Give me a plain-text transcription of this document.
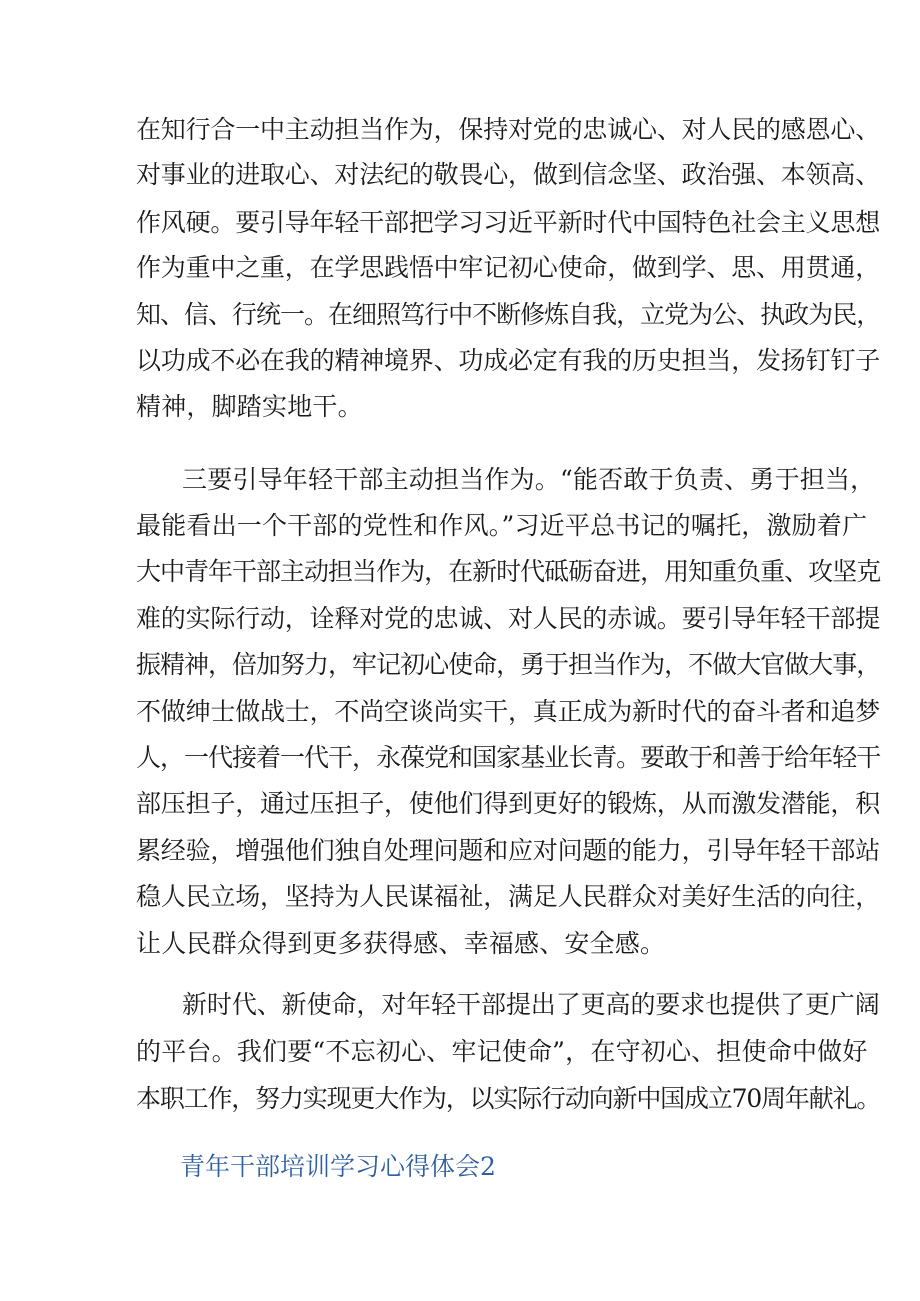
在知行合一中主动担当作为，保持对党的忠诚心、对人民的感恩心、
对事业的进取心、对法纪的敬畏心，做到信念坚、政治强、本领高、
作风硬。要引导年轻干部把学习习近平新时代中国特色社会主义思想
作为重中之重，在学思践悟中牢记初心使命，做到学、思、用贯通，
知、信、行统一。在细照笃行中不断修炼自我，立党为公、执政为民，
以功成不必在我的精神境界、功成必定有我的历史担当，发扬钉钉子
精神，脚踏实地干。
三要引导年轻干部主动担当作为。“能否敢于负责、勇于担当，
最能看出一个干部的党性和作风。”习近平总书记的嘱托，激励着广
大中青年干部主动担当作为，在新时代砥砺奋进，用知重负重、攻坚克
难的实际行动，诠释对党的忠诚、对人民的赤诚。要引导年轻干部提
振精神，倍加努力，牢记初心使命，勇于担当作为，不做大官做大事，
不做绅士做战士，不尚空谈尚实干，真正成为新时代的奋斗者和追梦
人，一代接着一代干，永葆党和国家基业长青。要敢于和善于给年轻干
部压担子，通过压担子，使他们得到更好的锻炼，从而激发潜能，积
累经验，增强他们独自处理问题和应对问题的能力，引导年轻干部站
稳人民立场，坚持为人民谋福祉，满足人民群众对美好生活的向往，
让人民群众得到更多获得感、幸福感、安全感。
新时代、新使命，对年轻干部提出了更高的要求也提供了更广阔
的平台。我们要“不忘初心、牢记使命”，在守初心、担使命中做好
本职工作，努力实现更大作为，以实际行动向新中国成立70周年献礼。
青年干部培训学习心得体会2
